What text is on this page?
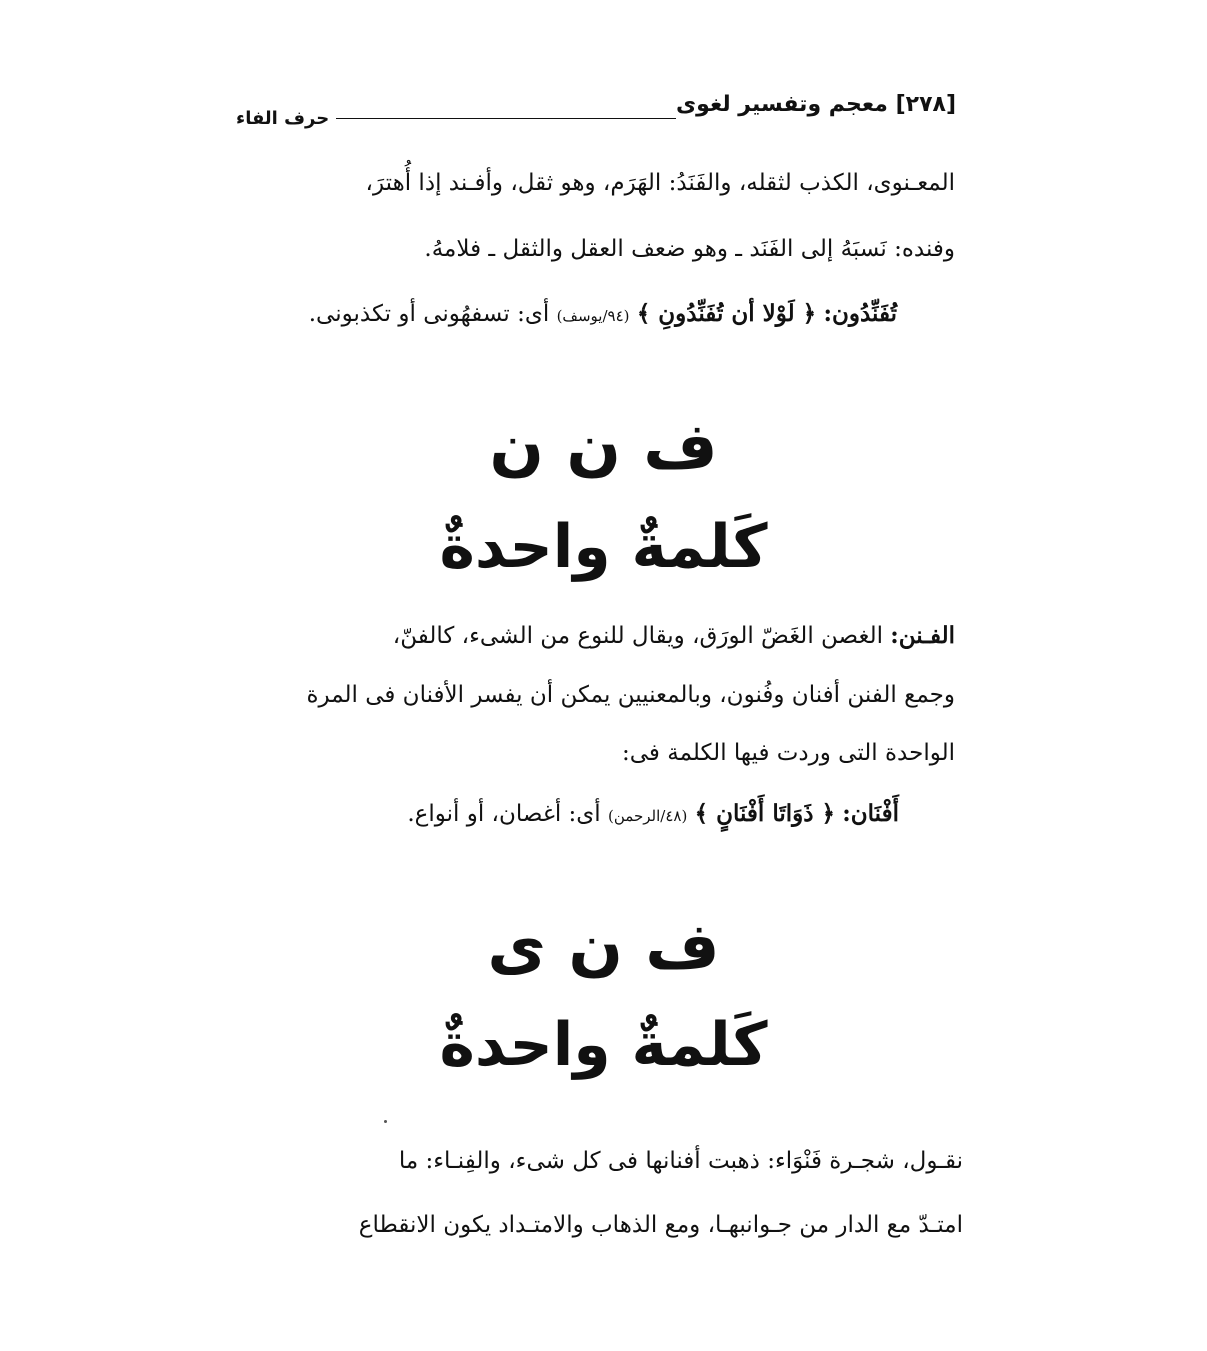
[٢٧٨] معجم وتفسير لغوى
حرف الفاء
المعـنوى، الكذب لثقله، والفَنَدُ: الهَرَم، وهو ثقل، وأفـند إذا أُهترَ،
وفنده: نَسبَهُ إلى الفَنَد ـ وهو ضعف العقل والثقل ـ فلامهُ.
تُفَنِّدُون: ﴿ لَوْلا أن تُفَنِّدُونِ ﴾ (٩٤/يوسف) أى: تسفهُونى أو تكذبونى.
ف ن ن
كَلمةٌ واحدةٌ
الفـنن: الغصن الغَضّ الورَق، ويقال للنوع من الشىء، كالفنّ،
وجمع الفنن أفنان وفُنون، وبالمعنيين يمكن أن يفسر الأفنان فى المرة
الواحدة التى وردت فيها الكلمة فى:
أَفْنَان: ﴿ ذَوَاتَا أَفْنَانٍ ﴾ (٤٨/الرحمن) أى: أغصان، أو أنواع.
ف ن ى
كَلمةٌ واحدةٌ
نقـول، شجـرة فَنْوَاء: ذهبت أفنانها فى كل شىء، والفِنـاء: ما
امتـدّ مع الدار من جـوانبهـا، ومع الذهاب والامتـداد يكون الانقطاع
